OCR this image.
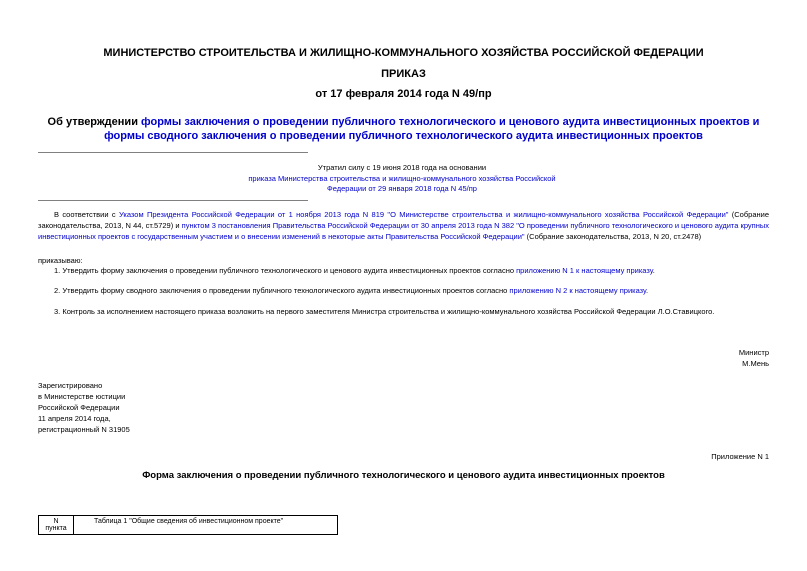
МИНИСТЕРСТВО СТРОИТЕЛЬСТВА И ЖИЛИЩНО-КОММУНАЛЬНОГО ХОЗЯЙСТВА РОССИЙСКОЙ ФЕДЕРАЦИИ
ПРИКАЗ
от 17 февраля 2014 года N 49/пр
Об утверждении формы заключения о проведении публичного технологического и ценового аудита инвестиционных проектов и формы сводного заключения о проведении публичного технологического аудита инвестиционных проектов
Утратил силу с 19 июня 2018 года на основании
приказа Министерства строительства и жилищно-коммунального хозяйства Российской Федерации от 29 января 2018 года N 45/пр
В соответствии с Указом Президента Российской Федерации от 1 ноября 2013 года N 819 "О Министерстве строительства и жилищно-коммунального хозяйства Российской Федерации" (Собрание законодательства, 2013, N 44, ст.5729) и пунктом 3 постановления Правительства Российской Федерации от 30 апреля 2013 года N 382 "О проведении публичного технологического и ценового аудита крупных инвестиционных проектов с государственным участием и о внесении изменений в некоторые акты Правительства Российской Федерации" (Собрание законодательства, 2013, N 20, ст.2478)
приказываю:
1. Утвердить форму заключения о проведении публичного технологического и ценового аудита инвестиционных проектов согласно приложению N 1 к настоящему приказу.
2. Утвердить форму сводного заключения о проведении публичного технологического аудита инвестиционных проектов согласно приложению N 2 к настоящему приказу.
3. Контроль за исполнением настоящего приказа возложить на первого заместителя Министра строительства и жилищно-коммунального хозяйства Российской Федерации Л.О.Ставицкого.
Министр
М.Мень
Зарегистрировано
в Министерстве юстиции
Российской Федерации
11 апреля 2014 года,
регистрационный N 31905
Приложение N 1
Форма заключения о проведении публичного технологического и ценового аудита инвестиционных проектов
N
пункта
	Таблица 1 "Общие сведения об инвестиционном проекте"
